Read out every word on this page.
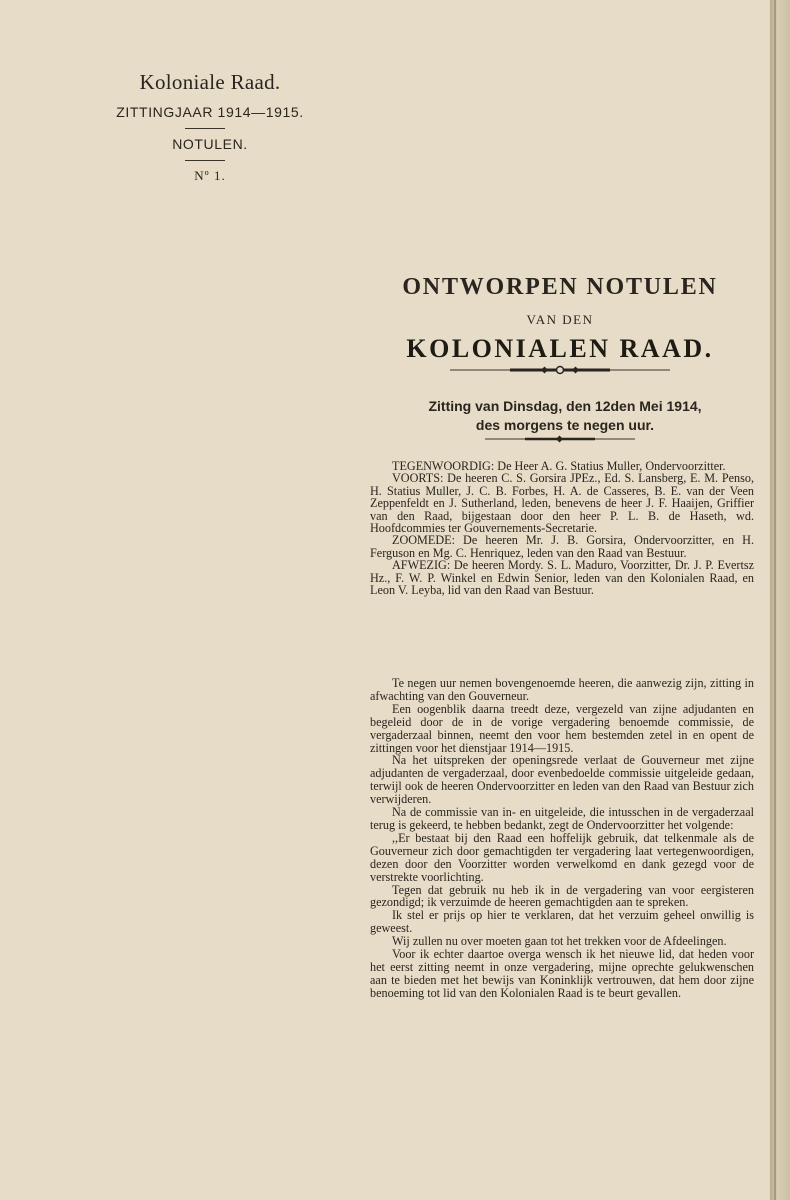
Koloniale Raad.
ZITTINGJAAR 1914—1915.
NOTULEN.
Nº 1.
ONTWORPEN NOTULEN
VAN DEN
KOLONIALEN RAAD.
Zitting van Dinsdag, den 12den Mei 1914,
des morgens te negen uur.

TEGENWOORDIG: De Heer A. G. Statius Muller, Ondervoorzitter.

VOORTS: De heeren C. S. Gorsira JPEz., Ed. S. Lansberg, E. M. Penso, H. Statius Muller, J. C. B. Forbes, H. A. de Casseres, B. E. van der Veen Zeppenfeldt en J. Sutherland, leden, benevens de heer J. F. Haaijen, Griffier van den Raad, bijgestaan door den heer P. L. B. de Haseth, wd. Hoofdcommies ter Gouvernements-Secretarie.

ZOOMEDE: De heeren Mr. J. B. Gorsira, Ondervoorzitter, en H. Ferguson en Mg. C. Henriquez, leden van den Raad van Bestuur.

AFWEZIG: De heeren Mordy. S. L. Maduro, Voorzitter, Dr. J. P. Evertsz Hz., F. W. P. Winkel en Edwin Senior, leden van den Kolonialen Raad, en Leon V. Leyba, lid van den Raad van Bestuur.

Te negen uur nemen bovengenoemde heeren, die aanwezig zijn, zitting in afwachting van den Gouverneur.

Een oogenblik daarna treedt deze, vergezeld van zijne adjudanten en begeleid door de in de vorige vergadering benoemde commissie, de vergaderzaal binnen, neemt den voor hem bestemden zetel in en opent de zittingen voor het dienstjaar 1914—1915.

Na het uitspreken der openingsrede verlaat de Gouverneur met zijne adjudanten de vergaderzaal, door evenbedoelde commissie uitgeleide gedaan, terwijl ook de heeren Ondervoorzitter en leden van den Raad van Bestuur zich verwijderen.

Na de commissie van in- en uitgeleide, die intusschen in de vergaderzaal terug is gekeerd, te hebben bedankt, zegt de Ondervoorzitter het volgende:

,,Er bestaat bij den Raad een hoffelijk gebruik, dat telkenmale als de Gouverneur zich door gemachtigden ter vergadering laat vertegenwoordigen, dezen door den Voorzitter worden verwelkomd en dank gezegd voor de verstrekte voorlichting.

Tegen dat gebruik nu heb ik in de vergadering van voor eergisteren gezondigd; ik verzuimde de heeren gemachtigden aan te spreken.

Ik stel er prijs op hier te verklaren, dat het verzuim geheel onwillig is geweest.

Wij zullen nu over moeten gaan tot het trekken voor de Afdeelingen.

Voor ik echter daartoe overga wensch ik het nieuwe lid, dat heden voor het eerst zitting neemt in onze vergadering, mijne oprechte gelukwenschen aan te bieden met het bewijs van Koninklijk vertrouwen, dat hem door zijne benoeming tot lid van den Kolonialen Raad is te beurt gevallen.
